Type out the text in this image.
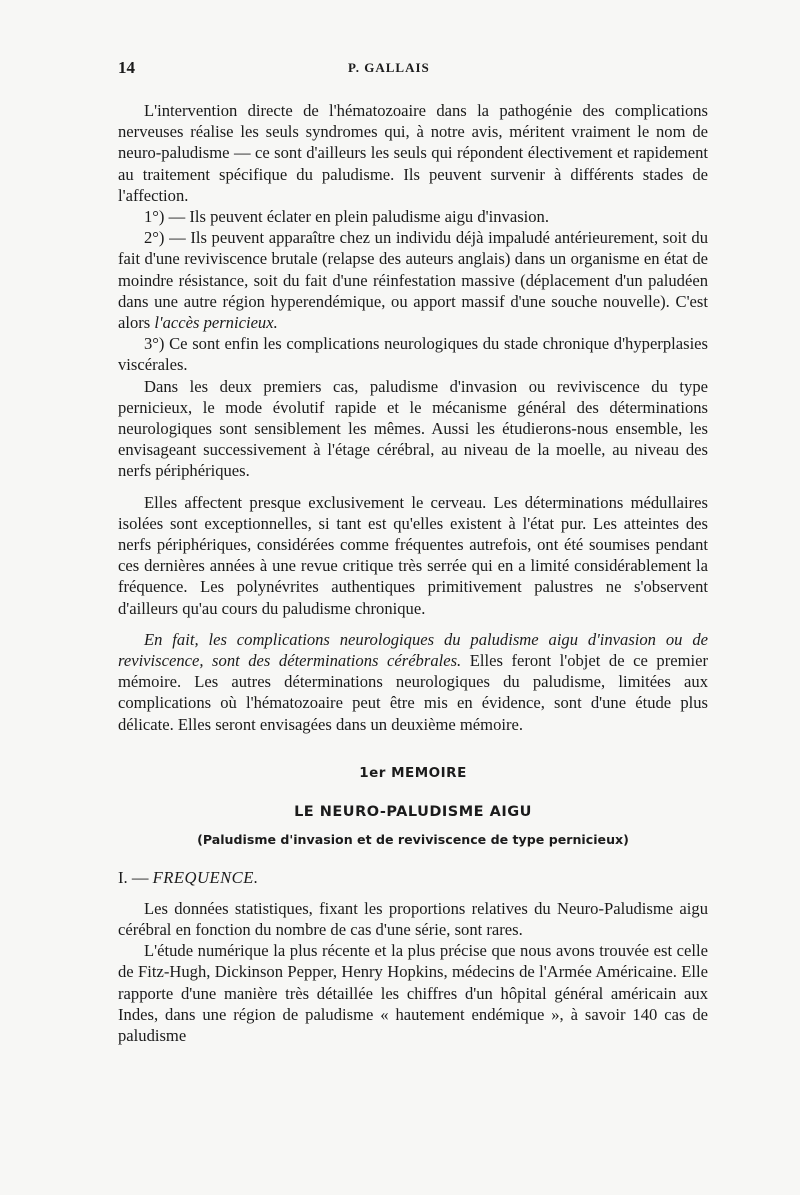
14	P. GALLAIS

L'intervention directe de l'hématozoaire dans la pathogénie des complications nerveuses réalise les seuls syndromes qui, à notre avis, méritent vraiment le nom de neuro-paludisme — ce sont d'ailleurs les seuls qui répondent électivement et rapidement au traitement spécifique du paludisme. Ils peuvent survenir à différents stades de l'affection.

1°) — Ils peuvent éclater en plein paludisme aigu d'invasion.

2°) — Ils peuvent apparaître chez un individu déjà impaludé antérieurement, soit du fait d'une reviviscence brutale (relapse des auteurs anglais) dans un organisme en état de moindre résistance, soit du fait d'une réinfestation massive (déplacement d'un paludéen dans une autre région hyperendémique, ou apport massif d'une souche nouvelle). C'est alors l'accès pernicieux.

3°) Ce sont enfin les complications neurologiques du stade chronique d'hyperplasies viscérales.

Dans les deux premiers cas, paludisme d'invasion ou reviviscence du type pernicieux, le mode évolutif rapide et le mécanisme général des déterminations neurologiques sont sensiblement les mêmes. Aussi les étudierons-nous ensemble, les envisageant successivement à l'étage cérébral, au niveau de la moelle, au niveau des nerfs périphériques.

Elles affectent presque exclusivement le cerveau. Les déterminations médullaires isolées sont exceptionnelles, si tant est qu'elles existent à l'état pur. Les atteintes des nerfs périphériques, considérées comme fréquentes autrefois, ont été soumises pendant ces dernières années à une revue critique très serrée qui en a limité considérablement la fréquence. Les polynévrites authentiques primitivement palustres ne s'observent d'ailleurs qu'au cours du paludisme chronique.

En fait, les complications neurologiques du paludisme aigu d'invasion ou de reviviscence, sont des déterminations cérébrales. Elles feront l'objet de ce premier mémoire. Les autres déterminations neurologiques du paludisme, limitées aux complications où l'hématozoaire peut être mis en évidence, sont d'une étude plus délicate. Elles seront envisagées dans un deuxième mémoire.

1er MEMOIRE

LE NEURO-PALUDISME AIGU

(Paludisme d'invasion et de reviviscence de type pernicieux)

I. — FREQUENCE.

Les données statistiques, fixant les proportions relatives du Neuro-Paludisme aigu cérébral en fonction du nombre de cas d'une série, sont rares.

L'étude numérique la plus récente et la plus précise que nous avons trouvée est celle de Fitz-Hugh, Dickinson Pepper, Henry Hopkins, médecins de l'Armée Américaine. Elle rapporte d'une manière très détaillée les chiffres d'un hôpital général américain aux Indes, dans une région de paludisme « hautement endémique », à savoir 140 cas de paludisme
